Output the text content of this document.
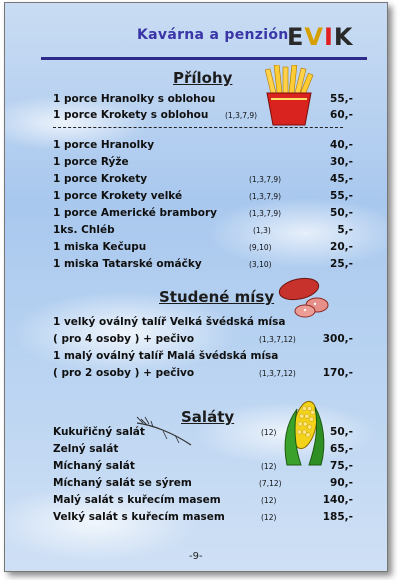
Kavárna a penzión
EVIK
Přílohy
1 porce Hranolky s oblohou	55,-
1 porce Krokety s oblohou (1,3,7,9)	60,-
1 porce Hranolky	40,-
1 porce Rýže	30,-
1 porce Krokety	(1,3,7,9)	45,-
1 porce Krokety velké	(1,3,7,9)	55,-
1 porce Americké brambory	(1,3,7,9)	50,-
1ks. Chléb	(1,3)	5,-
1 miska Kečupu	(9,10)	20,-
1 miska Tatarské omáčky	(3,10)	25,-
Studené mísy
1 velký oválný talíř Velká švédská mísa
( pro 4 osoby ) + pečivo	(1,3,7,12)	300,-
1 malý oválný talíř Malá švédská mísa
( pro 2 osoby ) + pečivo	(1,3,7,12)	170,-
Saláty
Kukuřičný salát	(12)	50,-
Zelný salát	65,-
Míchaný salát	(12)	75,-
Míchaný salát se sýrem	(7,12)	90,-
Malý salát s kuřecím masem	(12)	140,-
Velký salát s kuřecím masem	(12)	185,-
-9-
